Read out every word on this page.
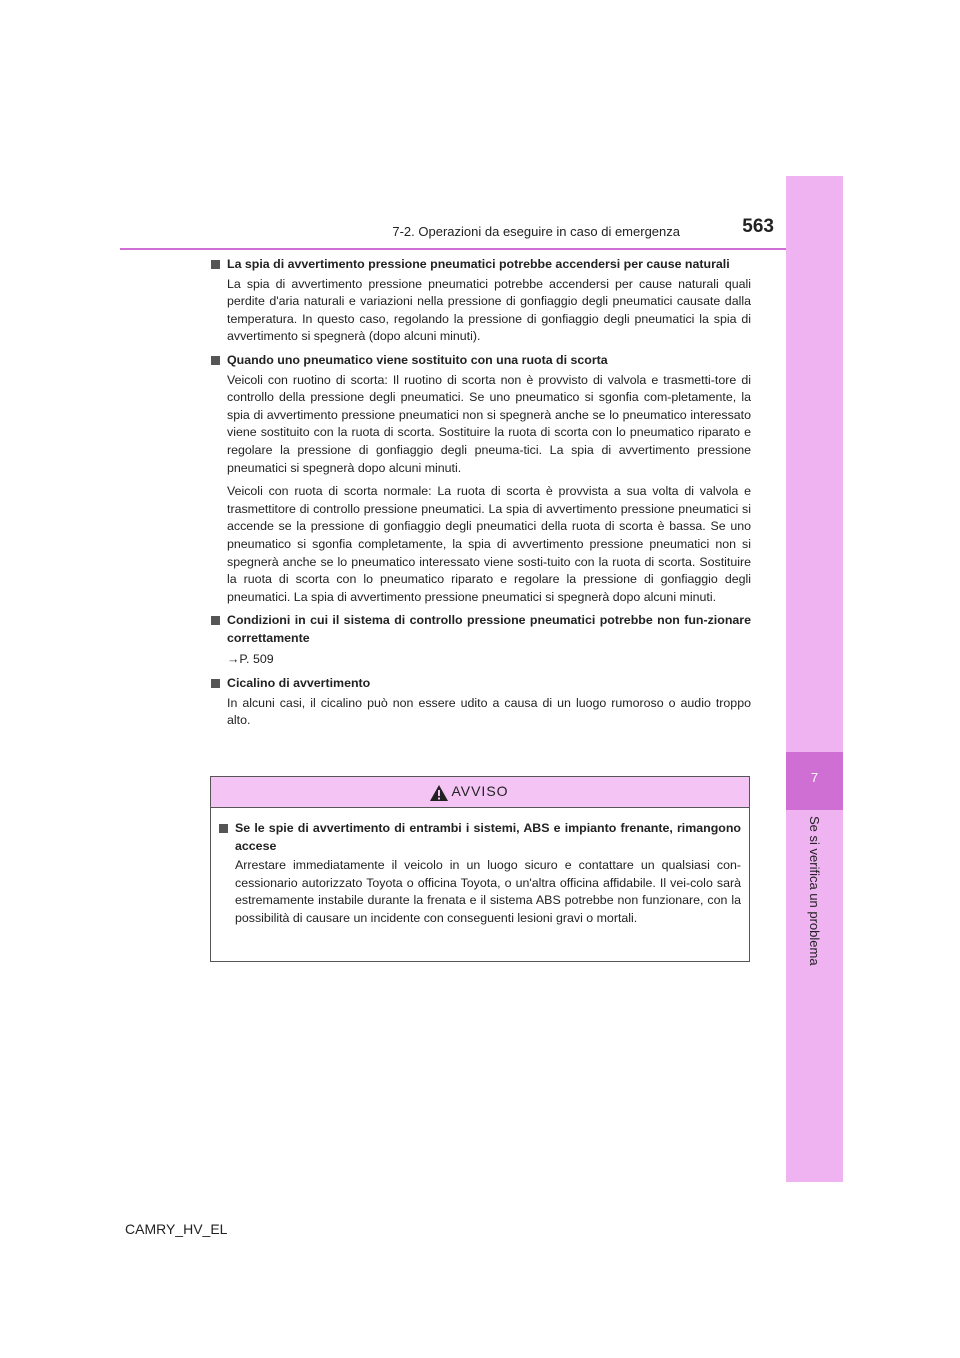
7
Se si verifica un problema
7-2. Operazioni da eseguire in caso di emergenza	563
La spia di avvertimento pressione pneumatici potrebbe accendersi per cause naturali

La spia di avvertimento pressione pneumatici potrebbe accendersi per cause naturali quali perdite d'aria naturali e variazioni nella pressione di gonfiaggio degli pneumatici causate dalla temperatura. In questo caso, regolando la pressione di gonfiaggio degli pneumatici la spia di avvertimento si spegnerà (dopo alcuni minuti).

Quando uno pneumatico viene sostituito con una ruota di scorta

Veicoli con ruotino di scorta: Il ruotino di scorta non è provvisto di valvola e trasmetti-tore di controllo della pressione degli pneumatici. Se uno pneumatico si sgonfia com-pletamente, la spia di avvertimento pressione pneumatici non si spegnerà anche se lo pneumatico interessato viene sostituito con la ruota di scorta. Sostituire la ruota di scorta con lo pneumatico riparato e regolare la pressione di gonfiaggio degli pneuma-tici. La spia di avvertimento pressione pneumatici si spegnerà dopo alcuni minuti.

Veicoli con ruota di scorta normale: La ruota di scorta è provvista a sua volta di valvola e trasmettitore di controllo pressione pneumatici. La spia di avvertimento pressione pneumatici si accende se la pressione di gonfiaggio degli pneumatici della ruota di scorta è bassa. Se uno pneumatico si sgonfia completamente, la spia di avvertimento pressione pneumatici non si spegnerà anche se lo pneumatico interessato viene sosti-tuito con la ruota di scorta. Sostituire la ruota di scorta con lo pneumatico riparato e regolare la pressione di gonfiaggio degli pneumatici. La spia di avvertimento pressione pneumatici si spegnerà dopo alcuni minuti.

Condizioni in cui il sistema di controllo pressione pneumatici potrebbe non fun-zionare correttamente

→P. 509

Cicalino di avvertimento

In alcuni casi, il cicalino può non essere udito a causa di un luogo rumoroso o audio troppo alto.

AVVISO
Se le spie di avvertimento di entrambi i sistemi, ABS e impianto frenante, rimangono accese

Arrestare immediatamente il veicolo in un luogo sicuro e contattare un qualsiasi con-cessionario autorizzato Toyota o officina Toyota, o un'altra officina affidabile. Il vei-colo sarà estremamente instabile durante la frenata e il sistema ABS potrebbe non funzionare, con la possibilità di causare un incidente con conseguenti lesioni gravi o mortali.

CAMRY_HV_EL
